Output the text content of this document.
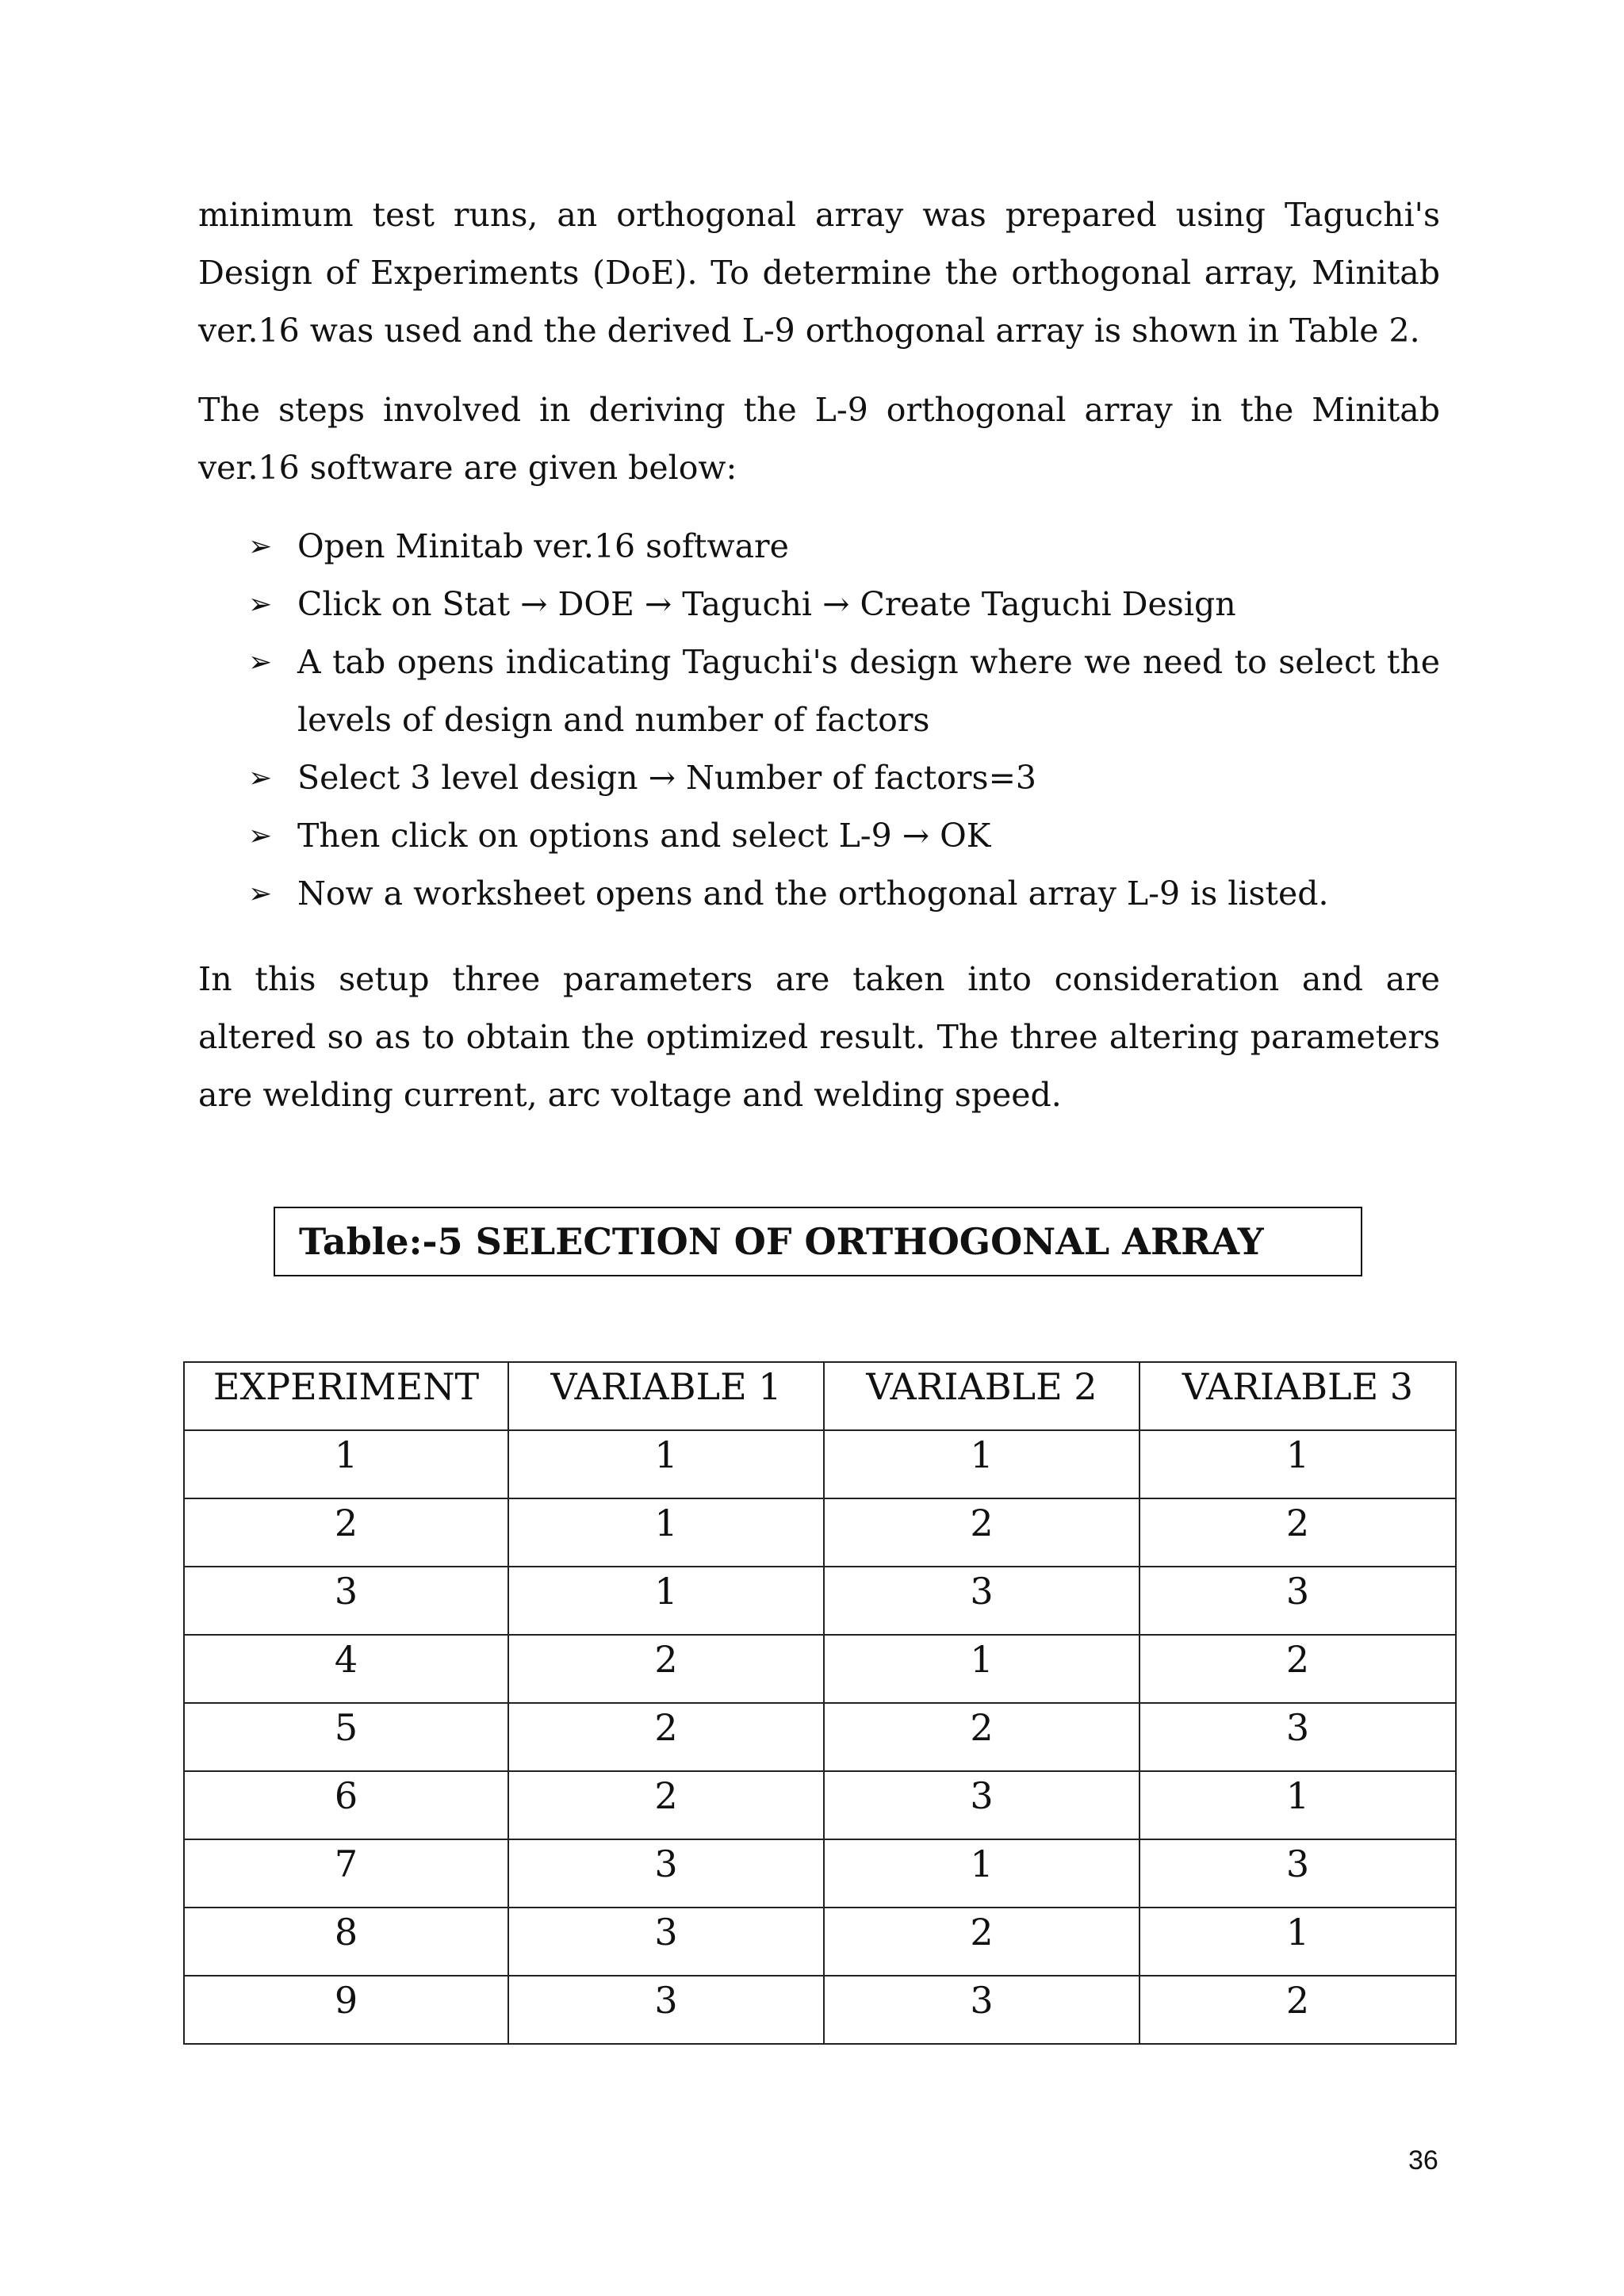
minimum test runs, an orthogonal array was prepared using Taguchi's Design of Experiments (DoE). To determine the orthogonal array, Minitab ver.16 was used and the derived L-9 orthogonal array is shown in Table 2.

The steps involved in deriving the L-9 orthogonal array in the Minitab ver.16 software are given below:

➢ Open Minitab ver.16 software
➢ Click on Stat → DOE → Taguchi → Create Taguchi Design
➢ A tab opens indicating Taguchi's design where we need to select the levels of design and number of factors
➢ Select 3 level design → Number of factors=3
➢ Then click on options and select L-9 → OK
➢ Now a worksheet opens and the orthogonal array L-9 is listed.

In this setup three parameters are taken into consideration and are altered so as to obtain the optimized result. The three altering parameters are welding current, arc voltage and welding speed.

Table:-5 SELECTION OF ORTHOGONAL ARRAY
EXPERIMENT	VARIABLE 1	VARIABLE 2	VARIABLE 3
1	1	1	1
2	1	2	2
3	1	3	3
4	2	1	2
5	2	2	3
6	2	3	1
7	3	1	3
8	3	2	1
9	3	3	2
36
